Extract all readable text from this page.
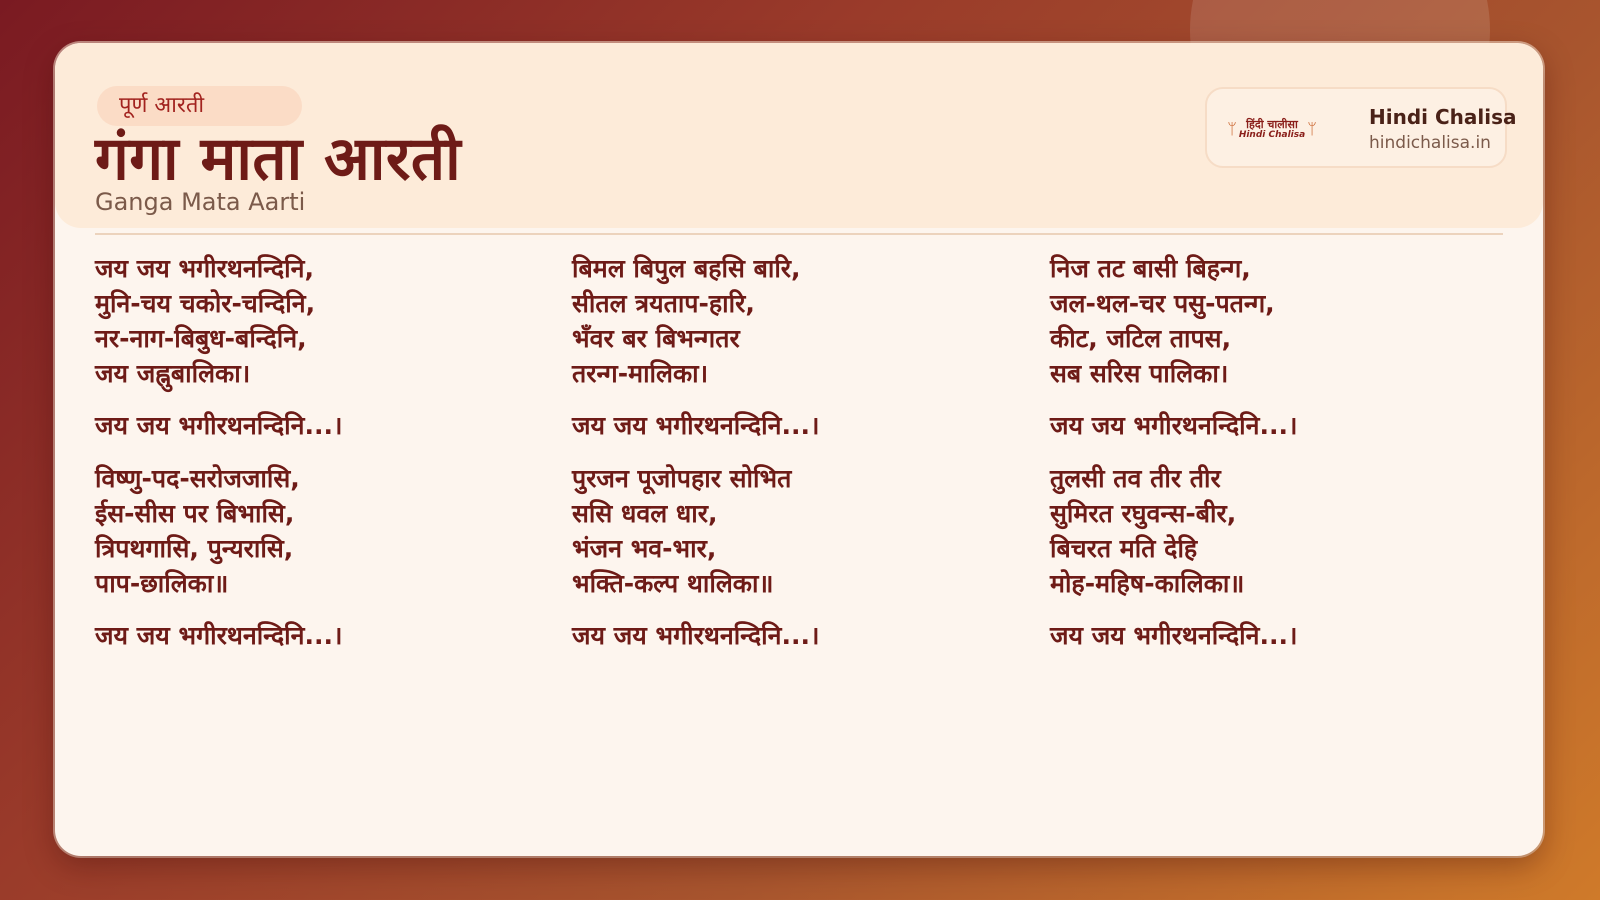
पूर्ण आरती
गंगा माता आरती
Ganga Mata Aarti
ᛘ हिंदी चालीसा
Hindi Chalisa ᛘ	Hindi Chalisa
hindichalisa.in

जय जय भगीरथनन्दिनि,
मुनि-चय चकोर-चन्दिनि,
नर-नाग-बिबुध-बन्दिनि,
जय जह्नुबालिका।

जय जय भगीरथनन्दिनि...।

विष्णु-पद-सरोजजासि,
ईस-सीस पर बिभासि,
त्रिपथगासि, पुन्यरासि,
पाप-छालिका॥

जय जय भगीरथनन्दिनि...।

बिमल बिपुल बहसि बारि,
सीतल त्रयताप-हारि,
भँवर बर बिभन्गतर
तरन्ग-मालिका।

जय जय भगीरथनन्दिनि...।

पुरजन पूजोपहार सोभित
ससि धवल धार,
भंजन भव-भार,
भक्ति-कल्प थालिका॥

जय जय भगीरथनन्दिनि...।

निज तट बासी बिहन्ग,
जल-थल-चर पसु-पतन्ग,
कीट, जटिल तापस,
सब सरिस पालिका।

जय जय भगीरथनन्दिनि...।

तुलसी तव तीर तीर
सुमिरत रघुवन्स-बीर,
बिचरत मति देहि
मोह-महिष-कालिका॥

जय जय भगीरथनन्दिनि...।
